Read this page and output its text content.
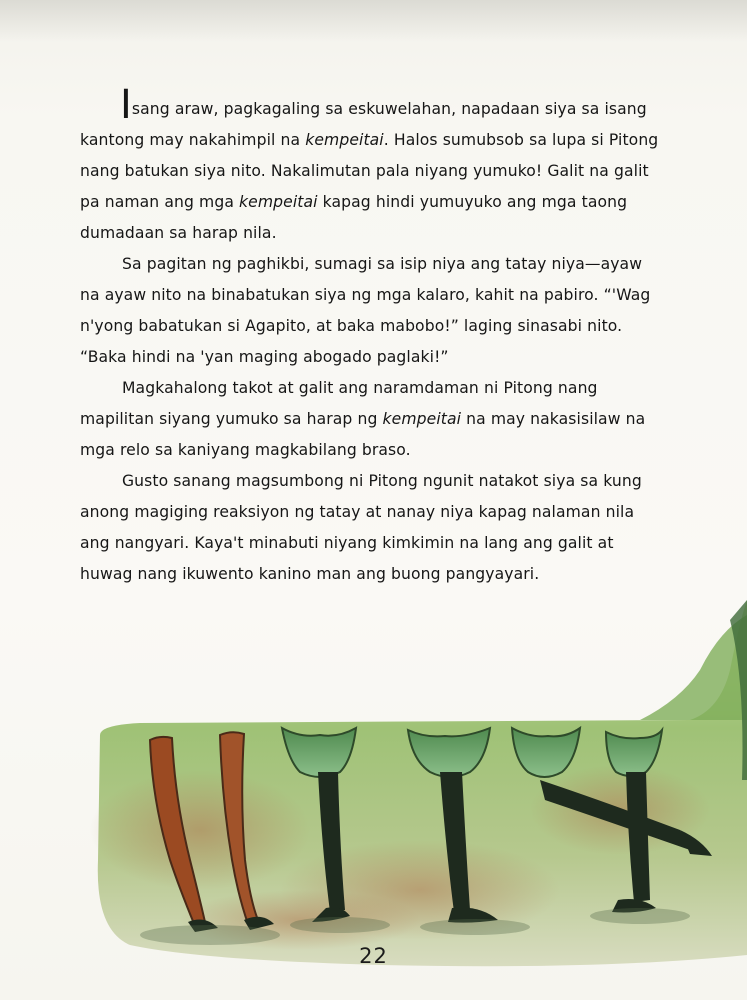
Isang araw, pagkagaling sa eskuwelahan, napadaan siya sa isang kantong may nakahimpil na kempeitai. Halos sumubsob sa lupa si Pitong nang batukan siya nito. Nakalimutan pala niyang yumuko! Galit na galit pa naman ang mga kempeitai kapag hindi yumuyuko ang mga taong dumadaan sa harap nila.

Sa pagitan ng paghikbi, sumagi sa isip niya ang tatay niya—ayaw na ayaw nito na binabatukan siya ng mga kalaro, kahit na pabiro. “'Wag n'yong babatukan si Agapito, at baka mabobo!” laging sinasabi nito. “Baka hindi na 'yan maging abogado paglaki!”

Magkahalong takot at galit ang naramdaman ni Pitong nang mapilitan siyang yumuko sa harap ng kempeitai na may nakasisilaw na mga relo sa kaniyang magkabilang braso.

Gusto sanang magsumbong ni Pitong ngunit natakot siya sa kung anong magiging reaksiyon ng tatay at nanay niya kapag nalaman nila ang nangyari. Kaya't minabuti niyang kimkimin na lang ang galit at huwag nang ikuwento kanino man ang buong pangyayari.

22
